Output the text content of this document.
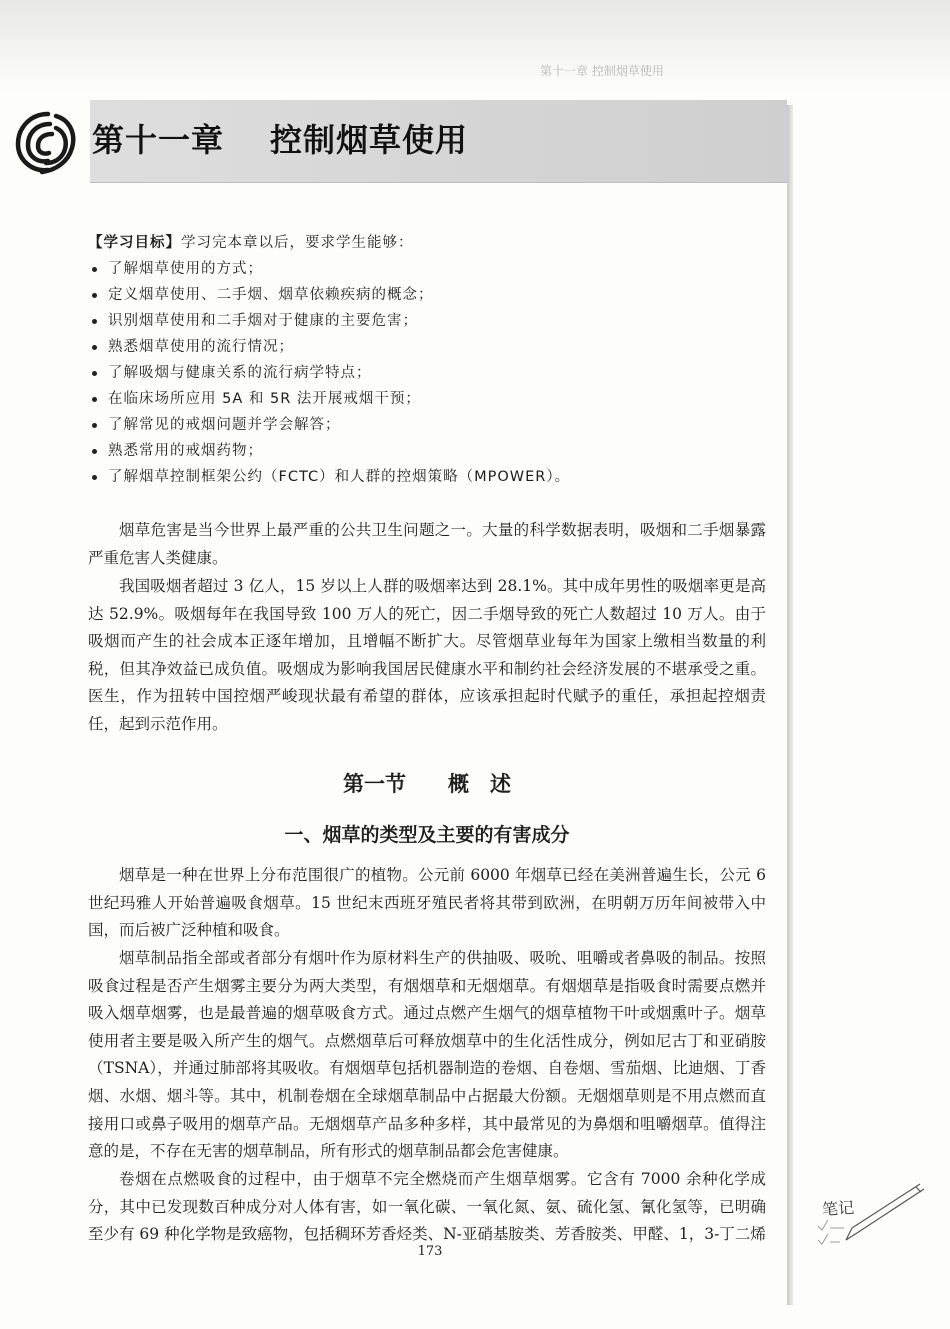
第十一章 控制烟草使用
第十一章 控制烟草使用
【学习目标】学习完本章以后，要求学生能够：
了解烟草使用的方式；
定义烟草使用、二手烟、烟草依赖疾病的概念；
识别烟草使用和二手烟对于健康的主要危害；
熟悉烟草使用的流行情况；
了解吸烟与健康关系的流行病学特点；
在临床场所应用 5A 和 5R 法开展戒烟干预；
了解常见的戒烟问题并学会解答；
熟悉常用的戒烟药物；
了解烟草控制框架公约（FCTC）和人群的控烟策略（MPOWER）。

烟草危害是当今世界上最严重的公共卫生问题之一。大量的科学数据表明，吸烟和二手烟暴露严重危害人类健康。

我国吸烟者超过 3 亿人，15 岁以上人群的吸烟率达到 28.1%。其中成年男性的吸烟率更是高达 52.9%。吸烟每年在我国导致 100 万人的死亡，因二手烟导致的死亡人数超过 10 万人。由于吸烟而产生的社会成本正逐年增加，且增幅不断扩大。尽管烟草业每年为国家上缴相当数量的利税，但其净效益已成负值。吸烟成为影响我国居民健康水平和制约社会经济发展的不堪承受之重。医生，作为扭转中国控烟严峻现状最有希望的群体，应该承担起时代赋予的重任，承担起控烟责任，起到示范作用。

第一节 概　述
一、烟草的类型及主要的有害成分

烟草是一种在世界上分布范围很广的植物。公元前 6000 年烟草已经在美洲普遍生长，公元 6 世纪玛雅人开始普遍吸食烟草。15 世纪末西班牙殖民者将其带到欧洲，在明朝万历年间被带入中国，而后被广泛种植和吸食。

烟草制品指全部或者部分有烟叶作为原材料生产的供抽吸、吸吮、咀嚼或者鼻吸的制品。按照吸食过程是否产生烟雾主要分为两大类型，有烟烟草和无烟烟草。有烟烟草是指吸食时需要点燃并吸入烟草烟雾，也是最普遍的烟草吸食方式。通过点燃产生烟气的烟草植物干叶或烟熏叶子。烟草使用者主要是吸入所产生的烟气。点燃烟草后可释放烟草中的生化活性成分，例如尼古丁和亚硝胺（TSNA），并通过肺部将其吸收。有烟烟草包括机器制造的卷烟、自卷烟、雪茄烟、比迪烟、丁香烟、水烟、烟斗等。其中，机制卷烟在全球烟草制品中占据最大份额。无烟烟草则是不用点燃而直接用口或鼻子吸用的烟草产品。无烟烟草产品多种多样，其中最常见的为鼻烟和咀嚼烟草。值得注意的是，不存在无害的烟草制品，所有形式的烟草制品都会危害健康。

卷烟在点燃吸食的过程中，由于烟草不完全燃烧而产生烟草烟雾。它含有 7000 余种化学成分，其中已发现数百种成分对人体有害，如一氧化碳、一氧化氮、氨、硫化氢、氰化氢等，已明确至少有 69 种化学物是致癌物，包括稠环芳香烃类、N-亚硝基胺类、芳香胺类、甲醛、1，3-丁二烯

173
笔记
